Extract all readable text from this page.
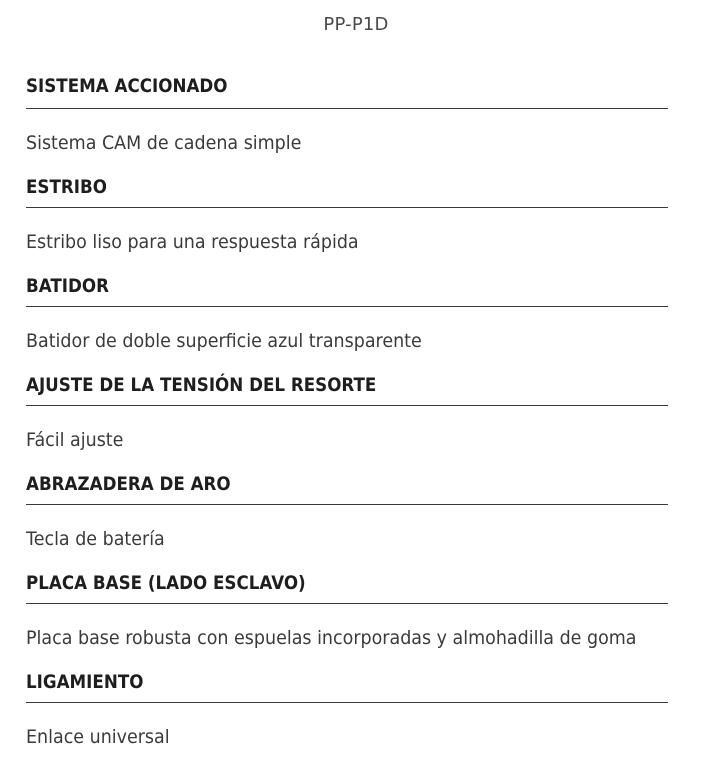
PP-P1D
SISTEMA ACCIONADO
Sistema CAM de cadena simple
ESTRIBO
Estribo liso para una respuesta rápida
BATIDOR
Batidor de doble superficie azul transparente
AJUSTE DE LA TENSIÓN DEL RESORTE
Fácil ajuste
ABRAZADERA DE ARO
Tecla de batería
PLACA BASE (LADO ESCLAVO)
Placa base robusta con espuelas incorporadas y almohadilla de goma
LIGAMIENTO
Enlace universal
